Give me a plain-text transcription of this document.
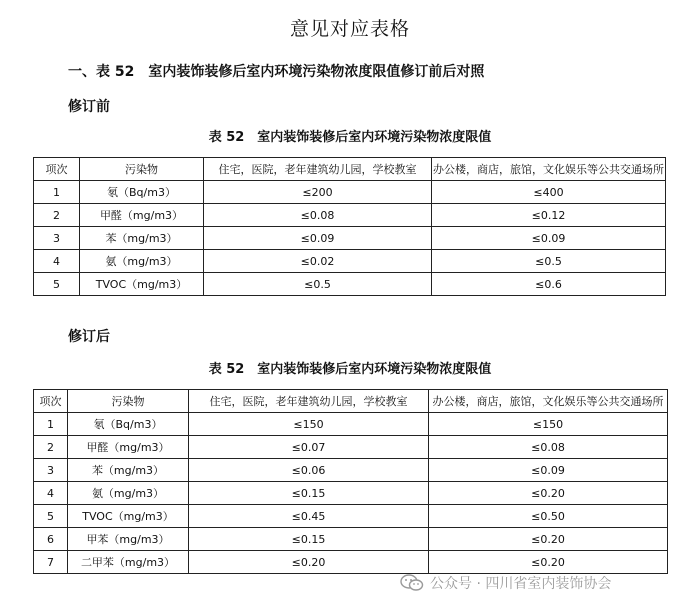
意见对应表格
一、表 52　室内装饰装修后室内环境污染物浓度限值修订前后对照
修订前
表 52　室内装饰装修后室内环境污染物浓度限值
项次	污染物	住宅，医院，老年建筑幼儿园，学校教室	办公楼，商店，旅馆，文化娱乐等公共交通场所
1	氡（Bq/m3）	≤200	≤400
2	甲醛（mg/m3）	≤0.08	≤0.12
3	苯（mg/m3）	≤0.09	≤0.09
4	氨（mg/m3）	≤0.02	≤0.5
5	TVOC（mg/m3）	≤0.5	≤0.6
修订后
表 52　室内装饰装修后室内环境污染物浓度限值
项次	污染物	住宅，医院，老年建筑幼儿园，学校教室	办公楼，商店，旅馆，文化娱乐等公共交通场所
1	氡（Bq/m3）	≤150	≤150
2	甲醛（mg/m3）	≤0.07	≤0.08
3	苯（mg/m3）	≤0.06	≤0.09
4	氨（mg/m3）	≤0.15	≤0.20
5	TVOC（mg/m3）	≤0.45	≤0.50
6	甲苯（mg/m3）	≤0.15	≤0.20
7	二甲苯（mg/m3）	≤0.20	≤0.20
公众号 · 四川省室内装饰协会
